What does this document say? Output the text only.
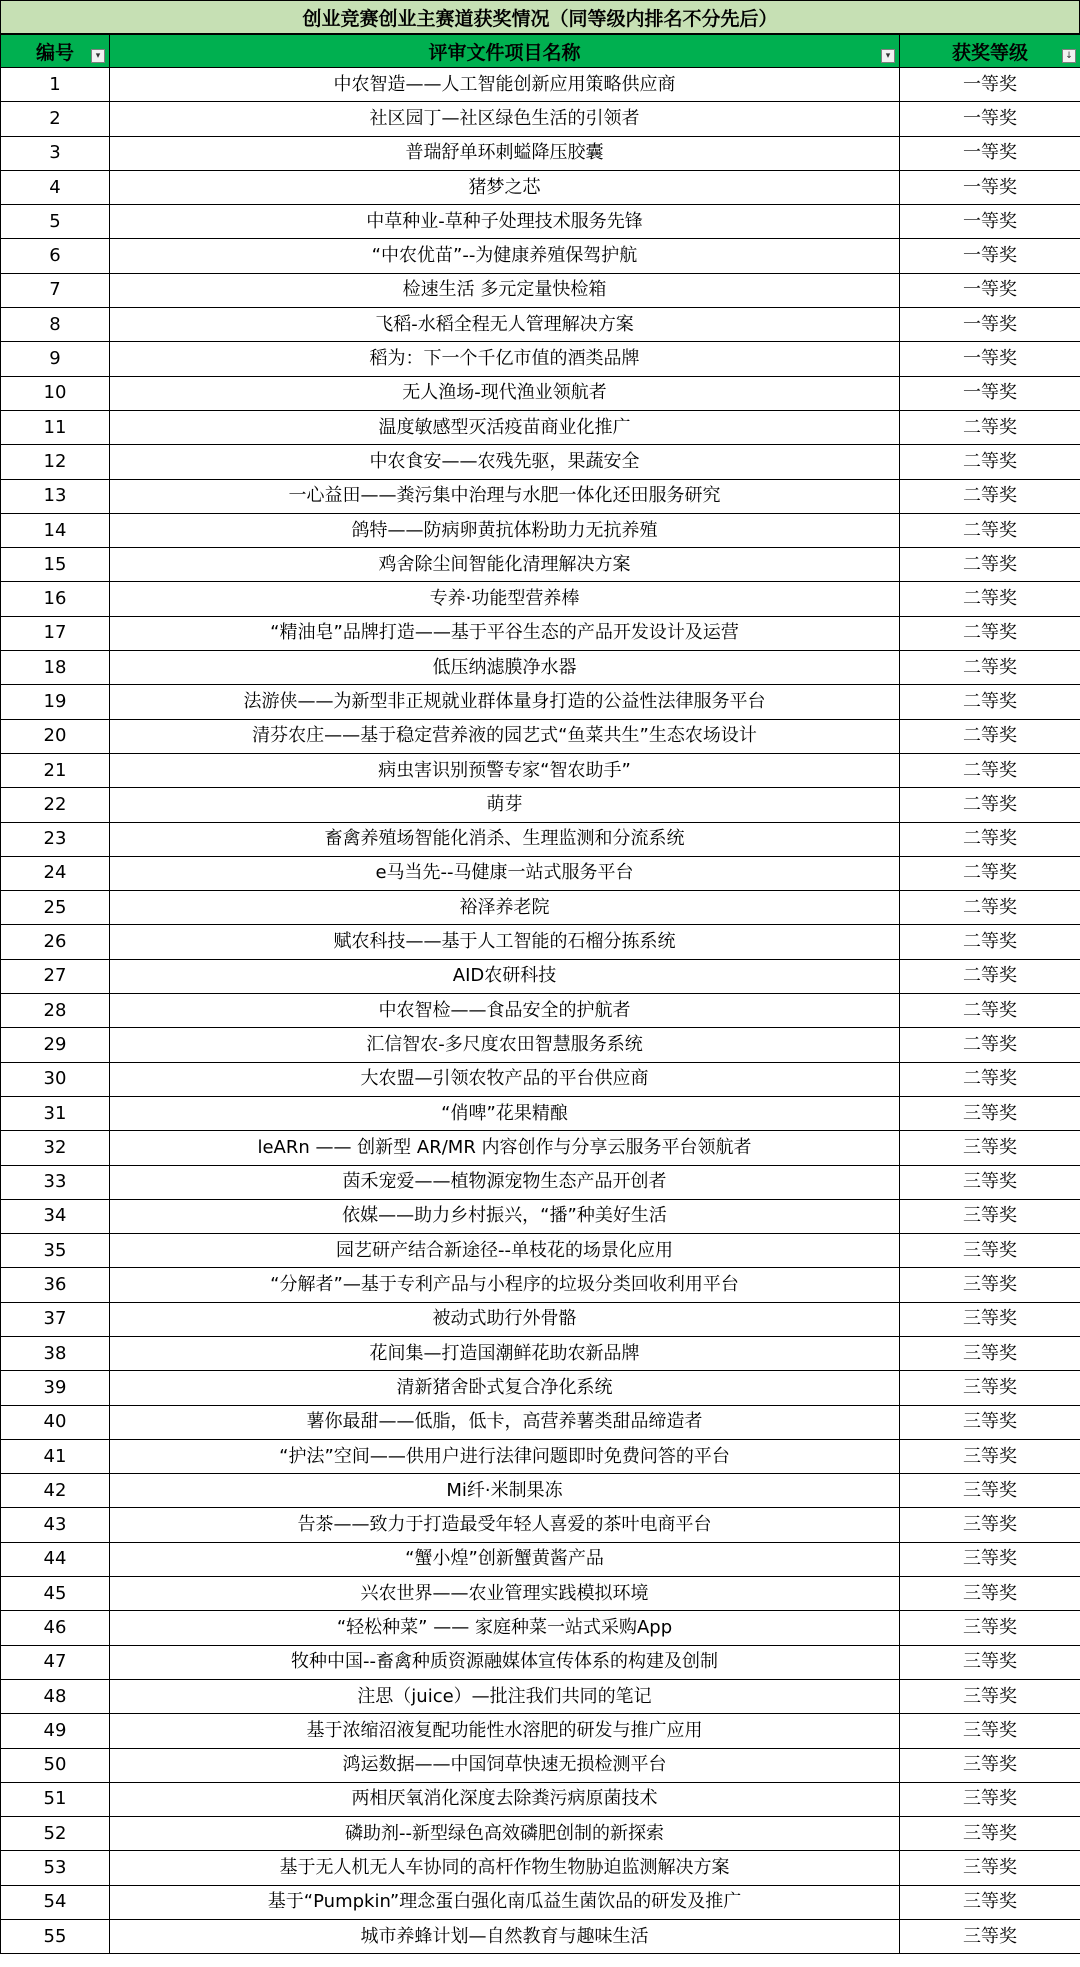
创业竞赛创业主赛道获奖情况（同等级内排名不分先后）
编号 ▾	评审文件项目名称 ▾	获奖等级 ↓

1	中农智造——人工智能创新应用策略供应商	一等奖
2	社区园丁—社区绿色生活的引领者	一等奖
3	普瑞舒单环刺螠降压胶囊	一等奖
4	猪梦之芯	一等奖
5	中草种业-草种子处理技术服务先锋	一等奖
6	“中农优苗”--为健康养殖保驾护航	一等奖
7	检速生活 多元定量快检箱	一等奖
8	飞稻-水稻全程无人管理解决方案	一等奖
9	稻为：下一个千亿市值的酒类品牌	一等奖
10	无人渔场-现代渔业领航者	一等奖
11	温度敏感型灭活疫苗商业化推广	二等奖
12	中农食安——农残先驱，果蔬安全	二等奖
13	一心益田——粪污集中治理与水肥一体化还田服务研究	二等奖
14	鸽特——防病卵黄抗体粉助力无抗养殖	二等奖
15	鸡舍除尘间智能化清理解决方案	二等奖
16	专养·功能型营养棒	二等奖
17	“精油皂”品牌打造——基于平谷生态的产品开发设计及运营	二等奖
18	低压纳滤膜净水器	二等奖
19	法游侠——为新型非正规就业群体量身打造的公益性法律服务平台	二等奖
20	清芬农庄——基于稳定营养液的园艺式“鱼菜共生”生态农场设计	二等奖
21	病虫害识别预警专家“智农助手”	二等奖
22	萌芽	二等奖
23	畜禽养殖场智能化消杀、生理监测和分流系统	二等奖
24	e马当先--马健康一站式服务平台	二等奖
25	裕泽养老院	二等奖
26	赋农科技——基于人工智能的石榴分拣系统	二等奖
27	AID农研科技	二等奖
28	中农智检——食品安全的护航者	二等奖
29	汇信智农-多尺度农田智慧服务系统	二等奖
30	大农盟—引领农牧产品的平台供应商	二等奖
31	“俏啤”花果精酿	三等奖
32	leARn —— 创新型 AR/MR 内容创作与分享云服务平台领航者	三等奖
33	茵禾宠爱——植物源宠物生态产品开创者	三等奖
34	依媒——助力乡村振兴，“播”种美好生活	三等奖
35	园艺研产结合新途径--单枝花的场景化应用	三等奖
36	“分解者”—基于专利产品与小程序的垃圾分类回收利用平台	三等奖
37	被动式助行外骨骼	三等奖
38	花间集—打造国潮鲜花助农新品牌	三等奖
39	清新猪舍卧式复合净化系统	三等奖
40	薯你最甜——低脂，低卡，高营养薯类甜品缔造者	三等奖
41	“护法”空间——供用户进行法律问题即时免费问答的平台	三等奖
42	Mi纤·米制果冻	三等奖
43	告茶——致力于打造最受年轻人喜爱的茶叶电商平台	三等奖
44	“蟹小煌”创新蟹黄酱产品	三等奖
45	兴农世界——农业管理实践模拟环境	三等奖
46	“轻松种菜” —— 家庭种菜一站式采购App	三等奖
47	牧种中国--畜禽种质资源融媒体宣传体系的构建及创制	三等奖
48	注思（juice）—批注我们共同的笔记	三等奖
49	基于浓缩沼液复配功能性水溶肥的研发与推广应用	三等奖
50	鸿运数据——中国饲草快速无损检测平台	三等奖
51	两相厌氧消化深度去除粪污病原菌技术	三等奖
52	磷助剂--新型绿色高效磷肥创制的新探索	三等奖
53	基于无人机无人车协同的高杆作物生物胁迫监测解决方案	三等奖
54	基于“Pumpkin”理念蛋白强化南瓜益生菌饮品的研发及推广	三等奖
55	城市养蜂计划—自然教育与趣味生活	三等奖
